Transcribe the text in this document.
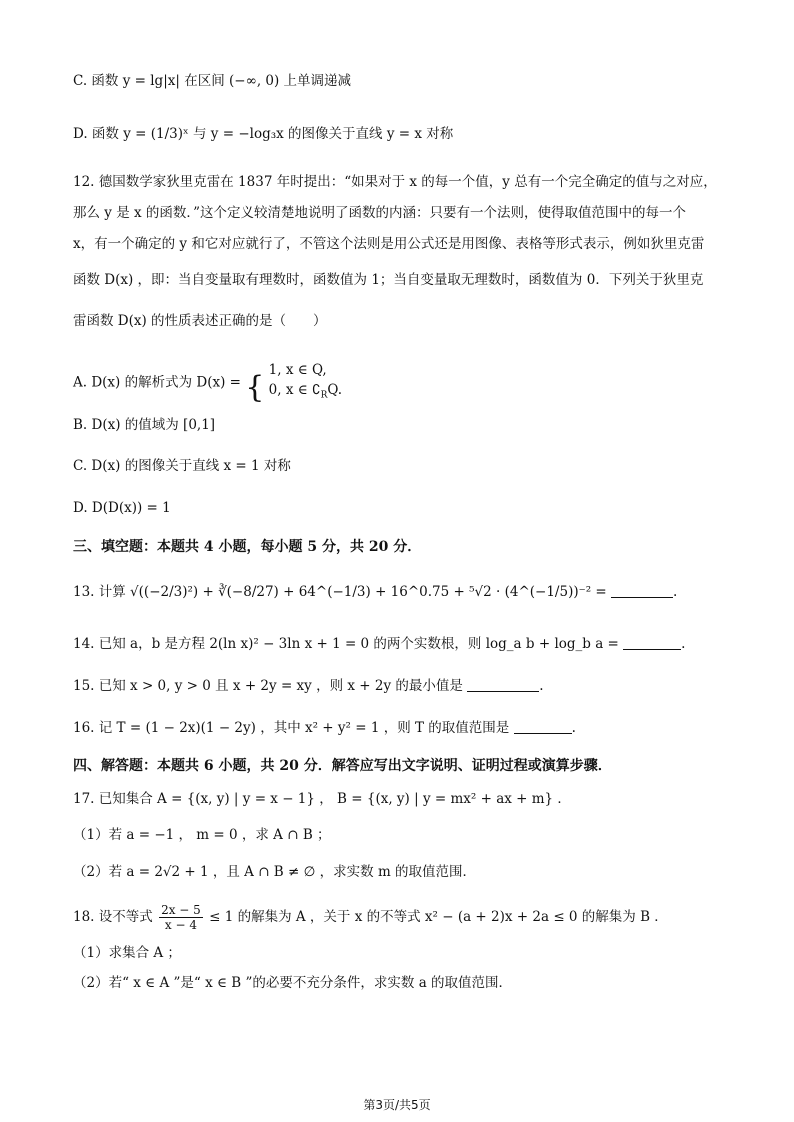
C. 函数 y = lg|x| 在区间 (−∞, 0) 上单调递减
D. 函数 y = (1/3)ˣ 与 y = −log₃x 的图像关于直线 y = x 对称
12. 德国数学家狄里克雷在 1837 年时提出：“如果对于 x 的每一个值，y 总有一个完全确定的值与之对应，
那么 y 是 x 的函数．”这个定义较清楚地说明了函数的内涵：只要有一个法则，使得取值范围中的每一个
x，有一个确定的 y 和它对应就行了，不管这个法则是用公式还是用图像、表格等形式表示，例如狄里克雷
函数 D(x) ，即：当自变量取有理数时，函数值为 1；当自变量取无理数时，函数值为 0．下列关于狄里克
雷函数 D(x) 的性质表述正确的是（　　）
A. D(x) 的解析式为 D(x) = {
1, x ∈ Q,
0, x ∈ $∁_RQ$.
B. D(x) 的值域为 [0,1]
C. D(x) 的图像关于直线 x = 1 对称
D. D(D(x)) = 1
三、填空题：本题共 4 小题，每小题 5 分，共 20 分．
13. 计算 √((−2/3)²) + ∛(−8/27) + 64^(−1/3) + 16^0.75 + ⁵√2 · (4^(−1/5))⁻² =	.
14. 已知 a，b 是方程 2(ln x)² − 3ln x + 1 = 0 的两个实数根，则 log_a b + log_b a =	.
15. 已知 x > 0, y > 0 且 x + 2y = xy ，则 x + 2y 的最小值是	.
16. 记 T = (1 − 2x)(1 − 2y) ，其中 x² + y² = 1 ，则 T 的取值范围是	.
四、解答题：本题共 6 小题，共 20 分．解答应写出文字说明、证明过程或演算步骤．
17. 已知集合 A = {(x, y) | y = x − 1} ， B = {(x, y) | y = mx² + ax + m} ．
（1）若 a = −1 ， m = 0 ，求 A ∩ B ；
（2）若 a = 2√2 + 1 ，且 A ∩ B ≠ ∅ ，求实数 m 的取值范围．
18. 设不等式 $\frac{2x - 5}{x - 4} \le 1$ 的解集为 A ，关于 x 的不等式 x² − (a + 2)x + 2a ≤ 0 的解集为 B ．
（1）求集合 A ；
（2）若“ x ∈ A ”是“ x ∈ B ”的必要不充分条件，求实数 a 的取值范围．
第3页/共5页
